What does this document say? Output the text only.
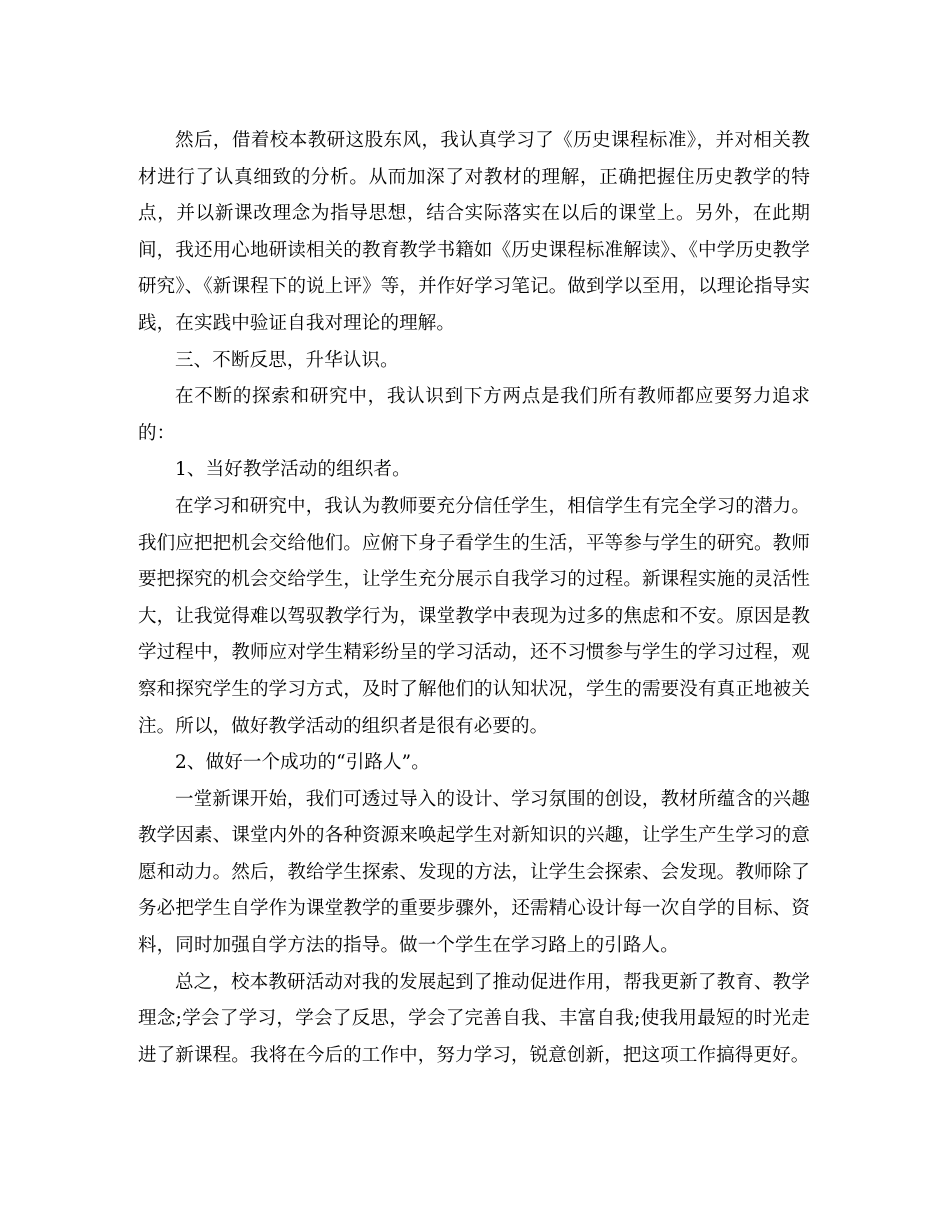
然后，借着校本教研这股东风，我认真学习了《历史课程标准》，并对相关教材进行了认真细致的分析。从而加深了对教材的理解，正确把握住历史教学的特点，并以新课改理念为指导思想，结合实际落实在以后的课堂上。另外，在此期间，我还用心地研读相关的教育教学书籍如《历史课程标准解读》、《中学历史教学研究》、《新课程下的说上评》等，并作好学习笔记。做到学以至用，以理论指导实践，在实践中验证自我对理论的理解。

三、不断反思，升华认识。

在不断的探索和研究中，我认识到下方两点是我们所有教师都应要努力追求的：

1、当好教学活动的组织者。

在学习和研究中，我认为教师要充分信任学生，相信学生有完全学习的潜力。我们应把把机会交给他们。应俯下身子看学生的生活，平等参与学生的研究。教师要把探究的机会交给学生，让学生充分展示自我学习的过程。新课程实施的灵活性大，让我觉得难以驾驭教学行为，课堂教学中表现为过多的焦虑和不安。原因是教学过程中，教师应对学生精彩纷呈的学习活动，还不习惯参与学生的学习过程，观察和探究学生的学习方式，及时了解他们的认知状况，学生的需要没有真正地被关注。所以，做好教学活动的组织者是很有必要的。

2、做好一个成功的“引路人”。

一堂新课开始，我们可透过导入的设计、学习氛围的创设，教材所蕴含的兴趣教学因素、课堂内外的各种资源来唤起学生对新知识的兴趣，让学生产生学习的意愿和动力。然后，教给学生探索、发现的方法，让学生会探索、会发现。教师除了务必把学生自学作为课堂教学的重要步骤外，还需精心设计每一次自学的目标、资料，同时加强自学方法的指导。做一个学生在学习路上的引路人。

总之，校本教研活动对我的发展起到了推动促进作用，帮我更新了教育、教学理念;学会了学习，学会了反思，学会了完善自我、丰富自我;使我用最短的时光走进了新课程。我将在今后的工作中，努力学习，锐意创新，把这项工作搞得更好。
